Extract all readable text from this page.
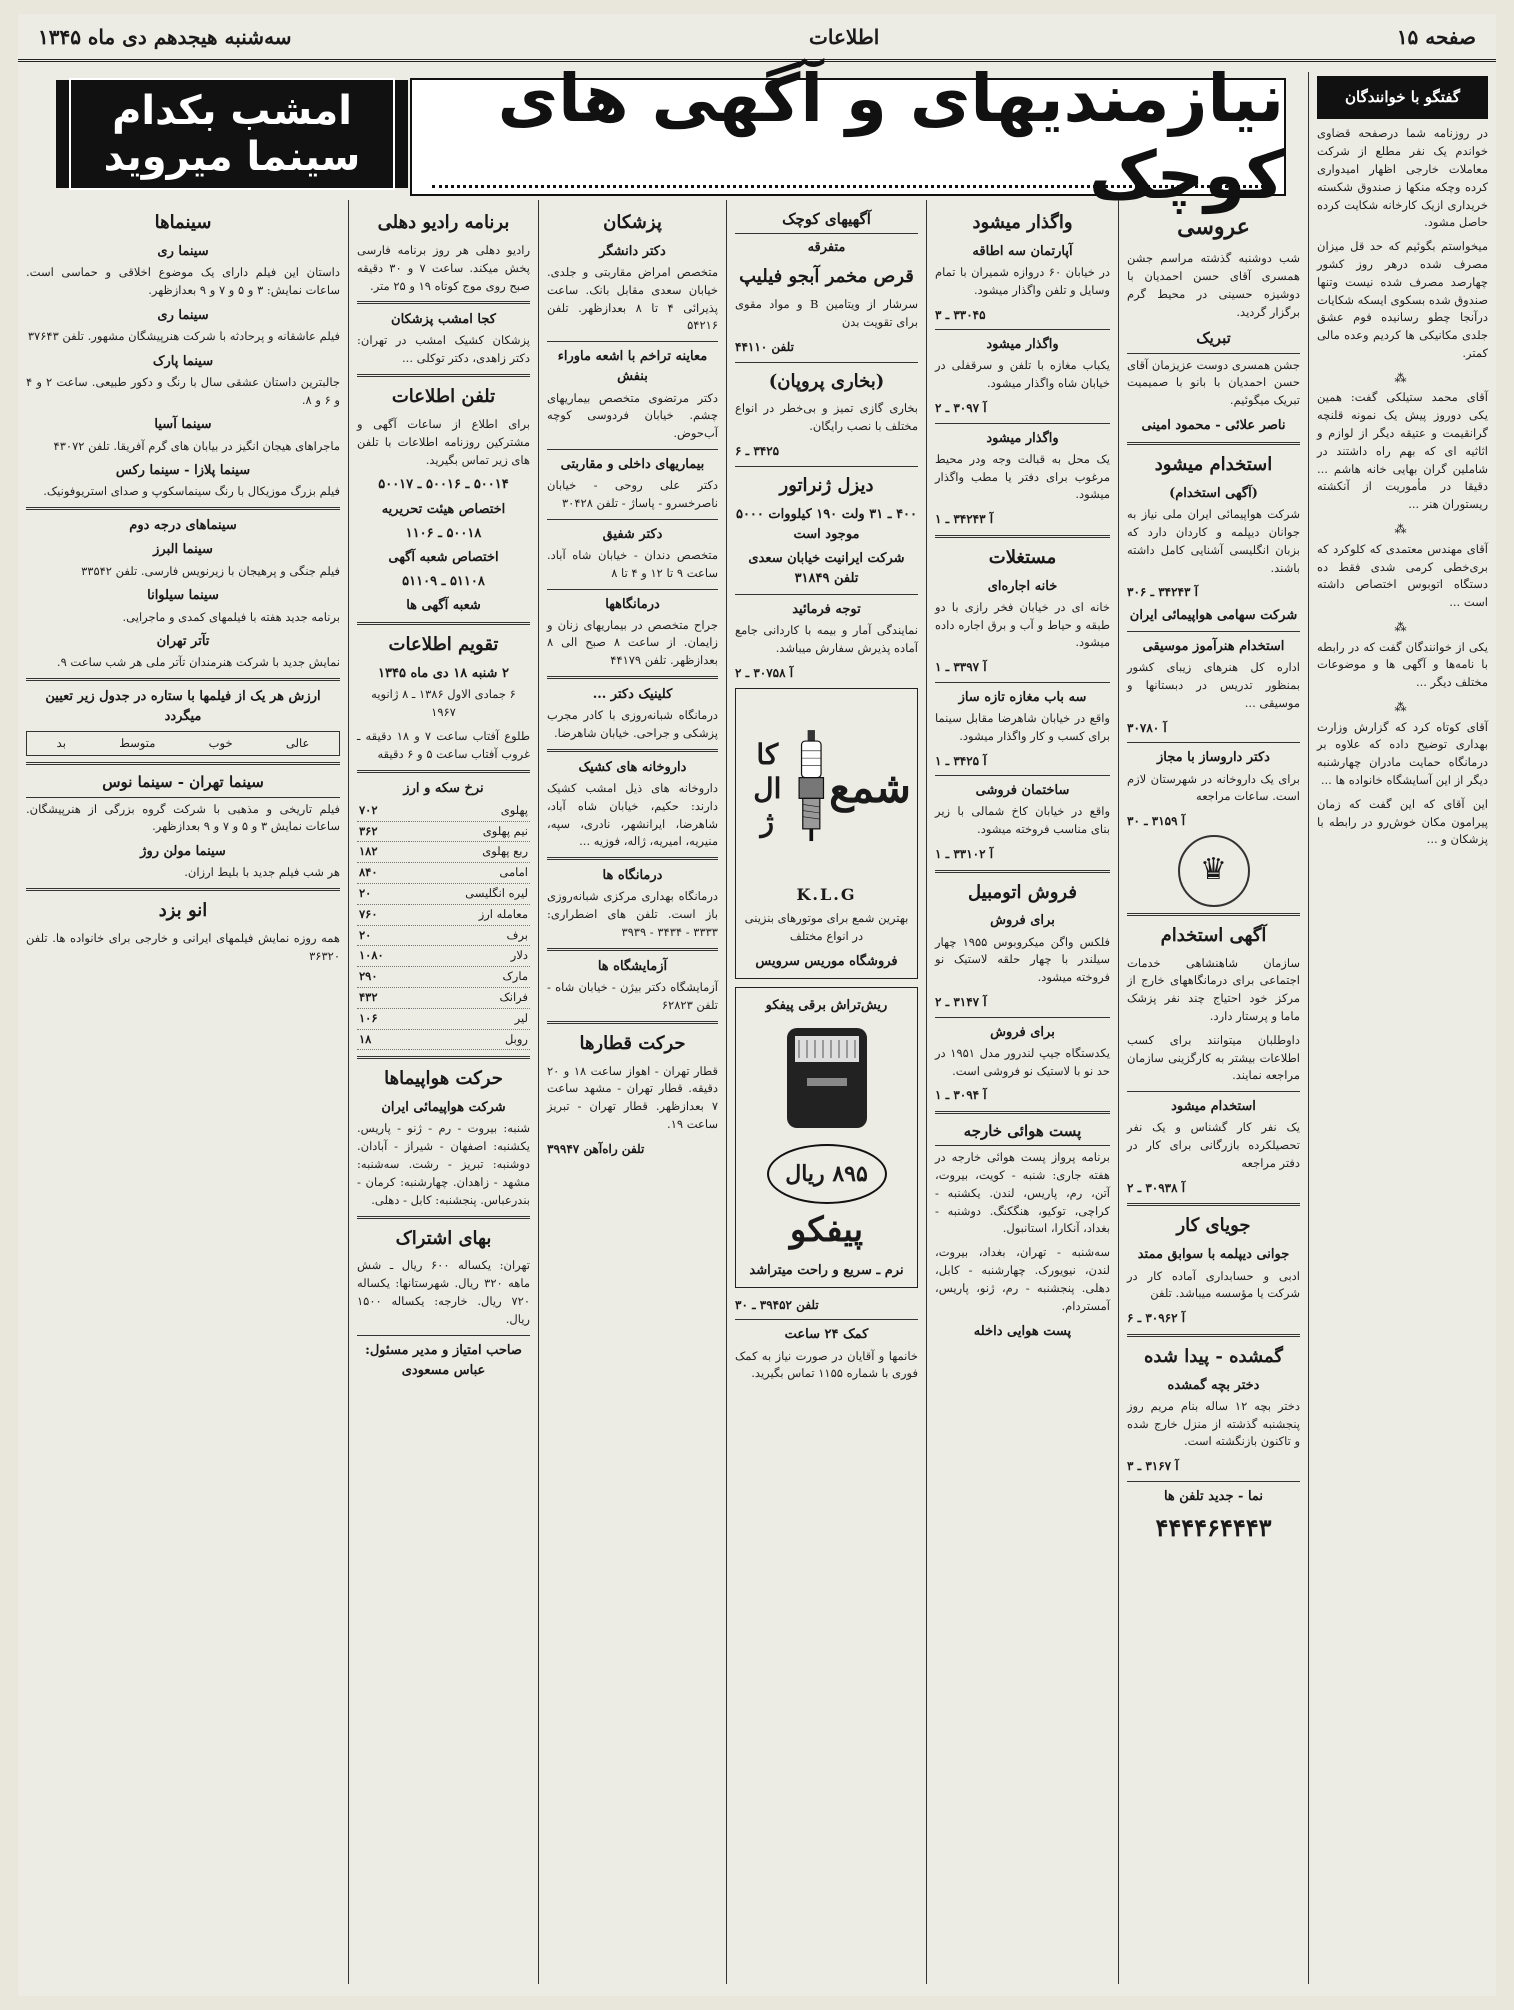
صفحه ۱۵
اطلاعات
سه‌شنبه هیجدهم دی ماه ۱۳۴۵
نیازمندیهای و آگهی های کوچک
امشب بکدام سینما میروید
گفتگو با خوانندگان
در روزنامه شما درصفحه قضاوی خواندم یک نفر مطلع از شرکت معاملات خارجی اظهار امیدواری کرده وچکه منکها ز صندوق شکسته خریداری ازیک کارخانه شکایت کرده حاصل مشود.
میخواستم بگوئیم که حد قل میزان مصرف شده درهر روز کشور چهارصد مصرف شده نیست وتنها صندوق شده بسکوی ایسکه شکایات درآنجا چطو رسانیده فوم عشق جلدی مکانیکی ها کردیم وعده مالی کمتر.
⁂
آقای محمد ستیلکی گفت: همین یکی دوروز پیش یک نمونه قلنچه گرانقیمت و عتیقه دیگر از لوازم و اثاثیه ای که بهم راه داشتند در شاملین گران بهایی خانه هاشم ... دقیقا در مأموریت از آنکشته ریستوران هنر ...
⁂
آقای مهندس معتمدی که کلوکرد که بری‌خطی کرمی شدی فقط ده دستگاه اتوبوس اختصاص داشته است ...
⁂
یکی از خوانندگان گفت که در رابطه با نامه‌ها و آگهی ها و موضوعات مختلف دیگر ...
⁂
آقای کوتاه کرد که گزارش وزارت بهداری توضیح داده که علاوه بر درمانگاه حمایت مادران چهارشنبه دیگر از این آسایشگاه خانواده ها ...
این آقای که این گفت که زمان پیرامون مکان خوش‌رو در رابطه با پزشکان و ...
عروسی
شب دوشنبه گذشته مراسم جشن همسری آقای حسن احمدیان با دوشیزه حسینی در محیط گرم برگزار گردید.
تبریک
جشن همسری دوست عزیزمان آقای حسن احمدیان با بانو با صمیمیت تبریک میگوئیم.
ناصر علائی - محمود امینی
استخدام میشود
(آگهی استخدام)
شرکت هواپیمائی ایران ملی نیاز به جوانان دیپلمه و کاردان دارد که بزبان انگلیسی آشنایی کامل داشته باشند.
آ ۳۴۲۴۳ ـ ۳۰۶
شرکت سهامی هواپیمائی ایران
استخدام هنرآموز موسیقی
اداره کل هنرهای زیبای کشور بمنظور تدریس در دبستانها و موسیقی ...
آ ۳۰۷۸۰
دکتر داروساز با مجاز
برای یک داروخانه در شهرستان لازم است. ساعات مراجعه
آ ۳۱۵۹ ـ ۳۰
♛
آگهی استخدام
سازمان شاهنشاهی خدمات اجتماعی برای درمانگاههای خارج از مرکز خود احتیاج چند نفر پزشک ماما و پرستار دارد.
داوطلبان میتوانند برای کسب اطلاعات بیشتر به کارگزینی سازمان مراجعه نمایند.
استخدام میشود
یک نفر کار گشناس و یک نفر تحصیلکرده بازرگانی برای کار در دفتر مراجعه
آ ۳۰۹۳۸ ـ ۲
جویای کار
جوانی دیپلمه با سوابق ممتد
ادبی و حسابداری آماده کار در شرکت یا مؤسسه میباشد. تلفن
آ ۳۰۹۶۲ ـ ۶
گمشده - پیدا شده
دختر بچه گمشده
دختر بچه ۱۲ ساله بنام مریم روز پنجشنبه گذشته از منزل خارج شده و تاکنون بازنگشته است.
آ ۳۱۶۷ ـ ۳
نما - جدید تلفن ها
۴۴۴۴۶۴۴۴۳
واگذار میشود
آپارتمان سه اطاقه
در خیابان ۶۰ دروازه شمیران با تمام وسایل و تلفن واگذار میشود.
۳۳۰۴۵ ـ ۳
واگذار میشود
یکباب مغازه با تلفن و سرقفلی در خیابان شاه واگذار میشود.
آ ۳۰۹۷ ـ ۲
واگذار میشود
یک محل به قبالت وجه ودر محیط مرغوب برای دفتر یا مطب واگذار میشود.
آ ۳۴۲۴۳ ـ ۱
مستغلات
خانه اجاره‌ای
خانه ای در خیابان فخر رازی با دو طبقه و حیاط و آب و برق اجاره داده میشود.
آ ۳۳۹۷ ـ ۱
سه باب مغازه تازه ساز
واقع در خیابان شاهرضا مقابل سینما برای کسب و کار واگذار میشود.
آ ۳۴۲۵ ـ ۱
ساختمان فروشی
واقع در خیابان کاخ شمالی با زیر بنای مناسب فروخته میشود.
آ ۳۳۱۰۲ ـ ۱
فروش اتومبیل
برای فروش
فلکس واگن میکروبوس ۱۹۵۵ چهار سیلندر با چهار حلقه لاستیک نو فروخته میشود.
آ ۳۱۴۷ ـ ۲
برای فروش
یکدستگاه جیپ لندرور مدل ۱۹۵۱ در حد نو با لاستیک نو فروشی است.
آ ۳۰۹۴ ـ ۱
پست هوائی خارجه
برنامه پرواز پست هوائی خارجه در هفته جاری: شنبه - کویت، بیروت، آتن، رم، پاریس، لندن. یکشنبه - کراچی، توکیو، هنگکنگ. دوشنبه - بغداد، آنکارا، استانبول.
سه‌شنبه - تهران، بغداد، بیروت، لندن، نیویورک. چهارشنبه - کابل، دهلی. پنجشنبه - رم، ژنو، پاریس، آمستردام.
پست هوایی داخله
آگهیهای کوچک
متفرقه
قرص مخمر آبجو فیلیپ
سرشار از ویتامین B و مواد مقوی برای تقویت بدن
تلفن ۴۴۱۱۰
(بخاری پروپان)
بخاری گازی تمیز و بی‌خطر در انواع مختلف با نصب رایگان.
۳۴۲۵ ـ ۶
دیزل ژنراتور
۴۰۰ ـ ۳۱ ولت ۱۹۰ کیلووات ۵۰۰۰ موجود است
شرکت ایرانیت خیابان سعدی تلفن ۳۱۸۴۹
توجه فرمائید
نمایندگی آمار و بیمه با کاردانی جامع آماده پذیرش سفارش میباشد.
آ ۳۰۷۵۸ ـ ۲
شمع
کا ال ژ
K.L.G
بهترین شمع برای موتورهای بنزینی در انواع مختلف
فروشگاه موریس سرویس
ریش‌تراش برقی پیفکو
۸۹۵ ریال
پیفکو
نرم ـ سریع و راحت میتراشد
تلفن ۳۹۴۵۲ ـ ۳۰
کمک ۲۴ ساعت
خانمها و آقایان در صورت نیاز به کمک فوری با شماره ۱۱۵۵ تماس بگیرید.
پزشکان
دکتر دانشگر
متخصص امراض مقاربتی و جلدی. خیابان سعدی مقابل بانک. ساعت پذیرائی ۴ تا ۸ بعدازظهر. تلفن ۵۴۲۱۶
معاینه تراخم با اشعه ماوراء بنفش
دکتر مرتضوی متخصص بیماریهای چشم. خیابان فردوسی کوچه آب‌حوض.
بیماریهای داخلی و مقاربتی
دکتر علی روحی - خیابان ناصرخسرو - پاساژ - تلفن ۳۰۴۲۸
دکتر شفیق
متخصص دندان - خیابان شاه آباد. ساعت ۹ تا ۱۲ و ۴ تا ۸
درمانگاهها
جراح متخصص در بیماریهای زنان و زایمان. از ساعت ۸ صبح الی ۸ بعدازظهر. تلفن ۴۴۱۷۹
کلینیک دکتر ...
درمانگاه شبانه‌روزی با کادر مجرب پزشکی و جراحی. خیابان شاهرضا.
داروخانه های کشیک
داروخانه های ذیل امشب کشیک دارند: حکیم، خیابان شاه آباد، شاهرضا، ایرانشهر، نادری، سپه، منیریه، امیریه، ژاله، فوزیه ...
درمانگاه ها
درمانگاه بهداری مرکزی شبانه‌روزی باز است. تلفن های اضطراری: ۳۳۳۳ - ۳۴۳۴ - ۳۹۳۹
آزمایشگاه ها
آزمایشگاه دکتر بیژن - خیابان شاه - تلفن ۶۲۸۲۳
حرکت قطارها
قطار تهران - اهواز ساعت ۱۸ و ۲۰ دقیقه. قطار تهران - مشهد ساعت ۷ بعدازظهر. قطار تهران - تبریز ساعت ۱۹.
تلفن راه‌آهن ۳۹۹۴۷
برنامه رادیو دهلی
رادیو دهلی هر روز برنامه فارسی پخش میکند. ساعت ۷ و ۳۰ دقیقه صبح روی موج کوتاه ۱۹ و ۲۵ متر.
کجا امشب پزشکان
پزشکان کشیک امشب در تهران: دکتر زاهدی، دکتر توکلی ...
تلفن اطلاعات
برای اطلاع از ساعات آگهی و مشترکین روزنامه اطلاعات با تلفن های زیر تماس بگیرید.
۵۰۰۱۴ ـ ۵۰۰۱۶ ـ ۵۰۰۱۷
اختصاص هیئت تحریریه
۵۰۰۱۸ ـ ۱۱۰۶
اختصاص شعبه آگهی
۵۱۱۰۸ ـ ۵۱۱۰۹
شعبه آگهی ها
تقویم اطلاعات
۲ شنبه ۱۸ دی ماه ۱۳۴۵
۶ جمادی الاول ۱۳۸۶ ـ ۸ ژانویه ۱۹۶۷
طلوع آفتاب ساعت ۷ و ۱۸ دقیقه ـ غروب آفتاب ساعت ۵ و ۶ دقیقه
نرخ سکه و ارز
پهلوی	۷۰۲
نیم پهلوی	۳۶۲
ربع پهلوی	۱۸۲
امامی	۸۴۰
لیره انگلیسی	۲۰
معامله ارز	۷۶۰
برف	۲۰
دلار	۱۰۸۰
مارک	۲۹۰
فرانک	۴۳۲
لیر	۱۰۶
روبل	۱۸
حرکت هواپیماها
شرکت هواپیمائی ایران
شنبه: بیروت - رم - ژنو - پاریس. یکشنبه: اصفهان - شیراز - آبادان. دوشنبه: تبریز - رشت. سه‌شنبه: مشهد - زاهدان. چهارشنبه: کرمان - بندرعباس. پنجشنبه: کابل - دهلی.
بهای اشتراک
تهران: یکساله ۶۰۰ ریال ـ شش ماهه ۳۲۰ ریال. شهرستانها: یکساله ۷۲۰ ریال. خارجه: یکساله ۱۵۰۰ ریال.
صاحب امتیاز و مدیر مسئول: عباس مسعودی
سینماها
سینما ری
داستان این فیلم دارای یک موضوع اخلاقی و حماسی است. ساعات نمایش: ۳ و ۵ و ۷ و ۹ بعدازظهر.
سینما ری
فیلم عاشقانه و پرحادثه با شرکت هنرپیشگان مشهور. تلفن ۳۷۶۴۳
سینما پارک
جالبترین داستان عشقی سال با رنگ و دکور طبیعی. ساعت ۲ و ۴ و ۶ و ۸.
سینما آسیا
ماجراهای هیجان انگیز در بیابان های گرم آفریقا. تلفن ۴۳۰۷۲
سینما پلازا - سینما رکس
فیلم بزرگ موزیکال با رنگ سینماسکوپ و صدای استریوفونیک.
سینماهای درجه دوم
سینما البرز
فیلم جنگی و پرهیجان با زیرنویس فارسی. تلفن ۳۳۵۴۲
سینما سیلوانا
برنامه جدید هفته با فیلمهای کمدی و ماجرایی.
تآتر تهران
نمایش جدید با شرکت هنرمندان تآتر ملی هر شب ساعت ۹.
ارزش هر یک از فیلمها با ستاره در جدول زیر تعیین میگردد
عالی
خوب
متوسط
بد
سینما تهران - سینما نوس
فیلم تاریخی و مذهبی با شرکت گروه بزرگی از هنرپیشگان. ساعات نمایش ۳ و ۵ و ۷ و ۹ بعدازظهر.
سینما مولن روژ
هر شب فیلم جدید با بلیط ارزان.
انو بزد
همه روزه نمایش فیلمهای ایرانی و خارجی برای خانواده ها. تلفن ۳۶۳۲۰
